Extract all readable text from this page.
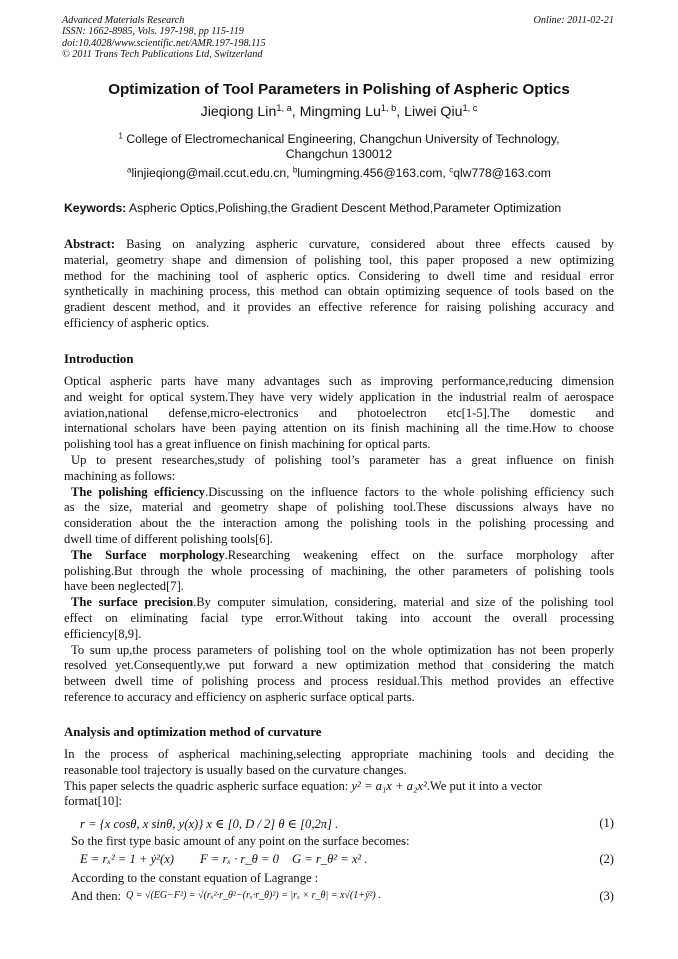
Advanced Materials Research
ISSN: 1662-8985, Vols. 197-198, pp 115-119
doi:10.4028/www.scientific.net/AMR.197-198.115
© 2011 Trans Tech Publications Ltd, Switzerland
Online: 2011-02-21
Optimization of Tool Parameters in Polishing of Aspheric Optics
Jieqiong Lin$^{1, a}$, Mingming Lu$^{1, b}$, Liwei Qiu$^{1, c}$
$^1$ College of Electromechanical Engineering, Changchun University of Technology,
Changchun 130012
$^a$linjieqiong@mail.ccut.edu.cn, $^b$lumingming.456@163.com, $^c$qlw778@163.com
Keywords: Aspheric Optics,Polishing,the Gradient Descent Method,Parameter Optimization
Abstract: Basing on analyzing aspheric curvature, considered about three effects caused by
material, geometry shape and dimension of polishing tool, this paper proposed a new optimizing
method for the machining tool of aspheric optics. Considering to dwell time and residual error
synthetically in machining process, this method can obtain optimizing sequence of tools based on the
gradient descent method, and it provides an effective reference for raising polishing accuracy and
efficiency of aspheric optics.
Introduction
Optical aspheric parts have many advantages such as improving performance,reducing dimension
and weight for optical system.They have very widely application in the industrial realm of aerospace
aviation,national defense,micro-electronics and photoelectron etc[1-5].The domestic and
international scholars have been paying attention on its finish machining all the time.How to choose
polishing tool has a great influence on finish machining for optical parts.
Up to present researches,study of polishing tool’s parameter has a great influence on finish
machining as follows:
The polishing efficiency.Discussing on the influence factors to the whole polishing efficiency such
as the size, material and geometry shape of polishing tool.These discussions always have no
consideration about the the interaction among the polishing tools in the polishing processing and
dwell time of different polishing tools[6].
The Surface morphology.Researching weakening effect on the surface morphology after
polishing.But through the whole processing of machining, the other parameters of polishing tools
have been neglected[7].
The surface precision.By computer simulation, considering, material and size of the polishing tool
effect on eliminating facial type error.Without taking into account the overall processing
efficiency[8,9].
To sum up,the process parameters of polishing tool on the whole optimization has not been properly
resolved yet.Consequently,we put forward a new optimization method that considering the match
between dwell time of polishing process and process residual.This method provides an effective
reference to accuracy and efficiency on aspheric surface optical parts.
Analysis and optimization method of curvature
In the process of aspherical machining,selecting appropriate machining tools and deciding the
reasonable tool trajectory is usually based on the curvature changes.
This paper selects the quadric aspheric surface equation: y² = a₁x + a₂x².We put it into a vector
format[10]:
r = {x cosθ, x sinθ, y(x)} x ∈ [0, D / 2] θ ∈ [0,2π] .	(1)
So the first type basic amount of any point on the surface becomes:
E = rₓ² = 1 + ẏ²(x) F = rₓ · r_θ = 0 G = r_θ² = x² .	(2)
According to the constant equation of Lagrange :
And then: Q = √(EG−F²) = √(rₓ²·r_θ²−(rₓ·r_θ)²) = |rₓ × r_θ| = x√(1+ẏ²) .	(3)
